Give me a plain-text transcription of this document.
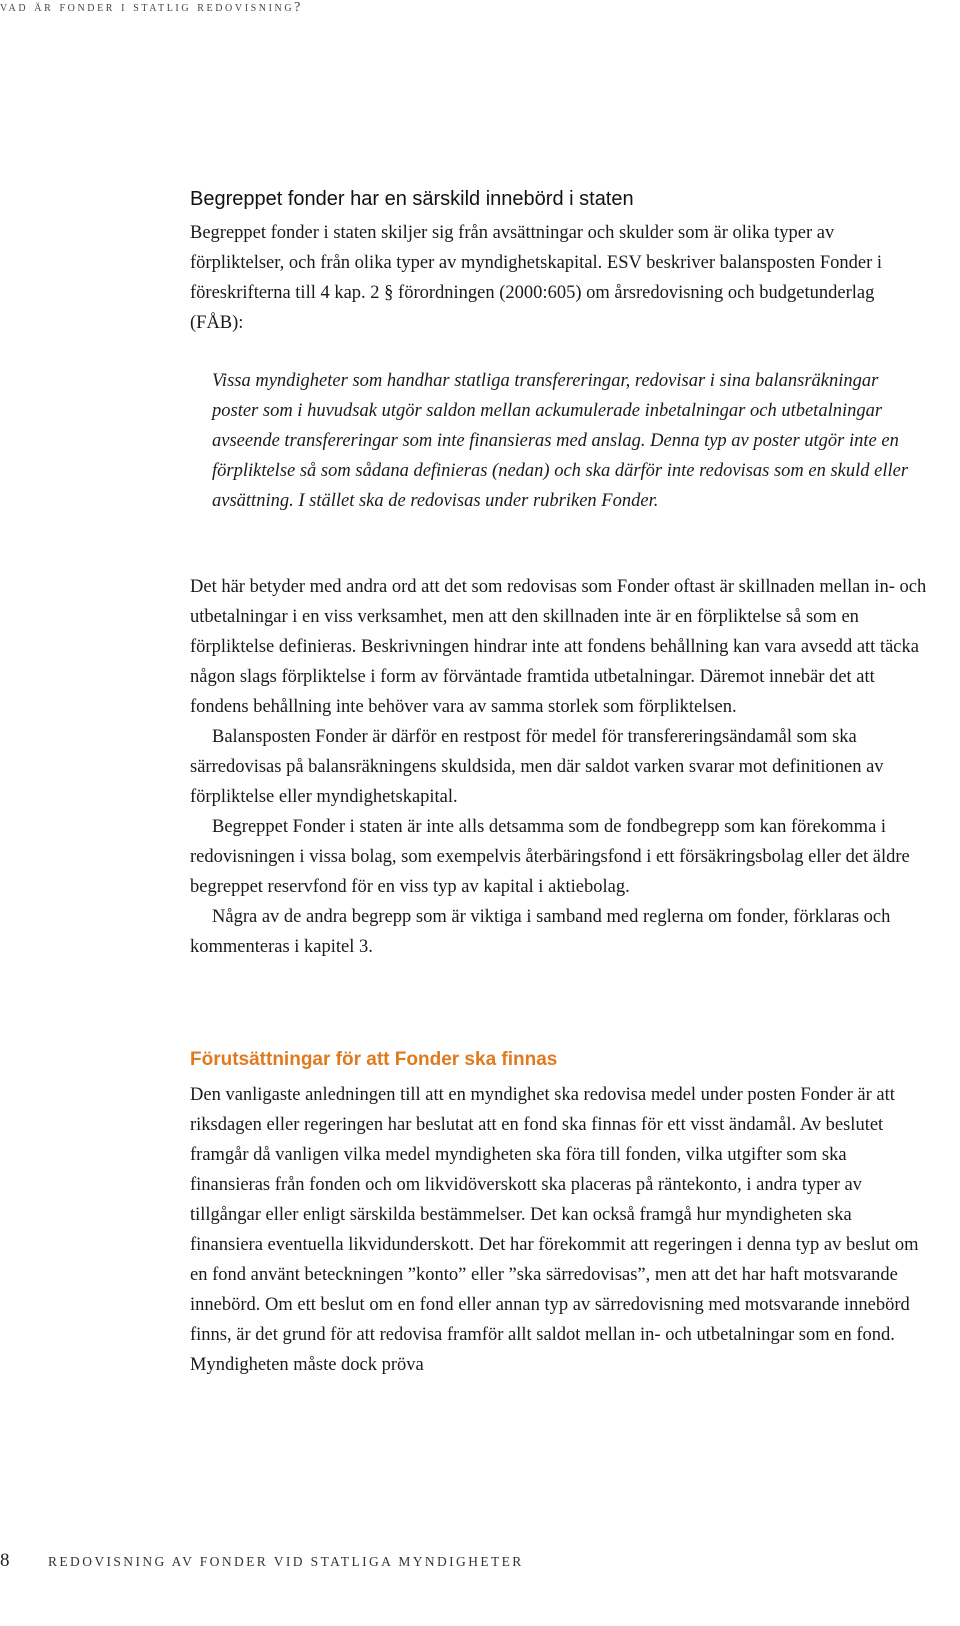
vad är fonder i statlig redovisning?
Begreppet fonder har en särskild innebörd i staten

Begreppet fonder i staten skiljer sig från avsättningar och skulder som är olika typer av förpliktelser, och från olika typer av myndighetskapital. ESV beskriver balansposten Fonder i föreskrifterna till 4 kap. 2 § förordningen (2000:605) om årsredovisning och budgetunderlag (FÅB):

Vissa myndigheter som handhar statliga transfereringar, redovisar i sina balansräkningar poster som i huvudsak utgör saldon mellan ackumulerade inbetalningar och utbetalningar avseende transfereringar som inte finansieras med anslag. Denna typ av poster utgör inte en förpliktelse så som sådana definieras (nedan) och ska därför inte redovisas som en skuld eller avsättning. I stället ska de redovisas under rubriken Fonder.

Det här betyder med andra ord att det som redovisas som Fonder oftast är skillnaden mellan in- och utbetalningar i en viss verksamhet, men att den skillnaden inte är en förpliktelse så som en förpliktelse definieras. Beskrivningen hindrar inte att fondens behållning kan vara avsedd att täcka någon slags förpliktelse i form av förväntade framtida utbetalningar. Däremot innebär det att fondens behållning inte behöver vara av samma storlek som förpliktelsen.

Balansposten Fonder är därför en restpost för medel för transfereringsändamål som ska särredovisas på balansräkningens skuldsida, men där saldot varken svarar mot definitionen av förpliktelse eller myndighetskapital.

Begreppet Fonder i staten är inte alls detsamma som de fondbegrepp som kan förekomma i redovisningen i vissa bolag, som exempelvis återbäringsfond i ett försäkringsbolag eller det äldre begreppet reservfond för en viss typ av kapital i aktiebolag.

Några av de andra begrepp som är viktiga i samband med reglerna om fonder, förklaras och kommenteras i kapitel 3.

Förutsättningar för att Fonder ska finnas

Den vanligaste anledningen till att en myndighet ska redovisa medel under posten Fonder är att riksdagen eller regeringen har beslutat att en fond ska finnas för ett visst ändamål. Av beslutet framgår då vanligen vilka medel myndigheten ska föra till fonden, vilka utgifter som ska finansieras från fonden och om likvidöverskott ska placeras på räntekonto, i andra typer av tillgångar eller enligt särskilda bestämmelser. Det kan också framgå hur myndigheten ska finansiera eventuella likvidunderskott. Det har förekommit att regeringen i denna typ av beslut om en fond använt beteckningen ”konto” eller ”ska särredovisas”, men att det har haft motsvarande innebörd. Om ett beslut om en fond eller annan typ av särredovisning med motsvarande innebörd finns, är det grund för att redovisa framför allt saldot mellan in- och utbetalningar som en fond. Myndigheten måste dock pröva

8	REDOVISNING AV FONDER VID STATLIGA MYNDIGHETER
